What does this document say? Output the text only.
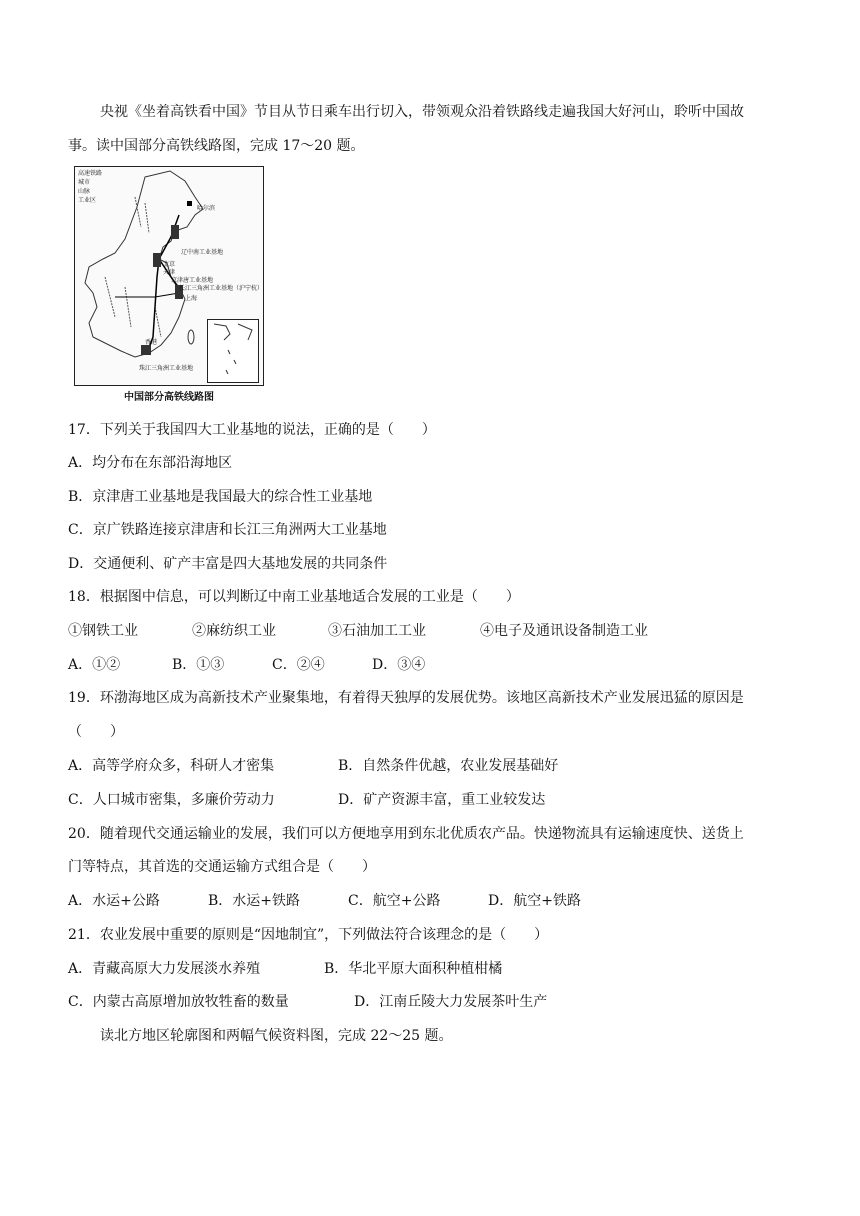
央视《坐着高铁看中国》节目从节日乘车出行切入，带领观众沿着铁路线走遍我国大好河山，聆听中国故
事。读中国部分高铁线路图，完成 17～20 题。
高速铁路
城市
山脉
工业区
哈尔滨
辽中南工业基地
北京
天津
京津唐工业基地
长江三角洲工业基地（沪宁杭）
上海
香港
珠江三角洲工业基地
中国部分高铁线路图
17．下列关于我国四大工业基地的说法，正确的是（　　）
A．均分布在东部沿海地区
B．京津唐工业基地是我国最大的综合性工业基地
C．京广铁路连接京津唐和长江三角洲两大工业基地
D．交通便利、矿产丰富是四大基地发展的共同条件
18．根据图中信息，可以判断辽中南工业基地适合发展的工业是（　　）
①钢铁工业	②麻纺织工业	③石油加工工业	④电子及通讯设备制造工业
A．①②	B．①③	C．②④	D．③④
19．环渤海地区成为高新技术产业聚集地，有着得天独厚的发展优势。该地区高新技术产业发展迅猛的原因是
（　　）
A．高等学府众多，科研人才密集	B．自然条件优越，农业发展基础好
C．人口城市密集，多廉价劳动力	D．矿产资源丰富，重工业较发达
20．随着现代交通运输业的发展，我们可以方便地享用到东北优质农产品。快递物流具有运输速度快、送货上
门等特点，其首选的交通运输方式组合是（　　）
A．水运+公路	B．水运+铁路	C．航空+公路	D．航空+铁路
21．农业发展中重要的原则是“因地制宜”，下列做法符合该理念的是（　　）
A．青藏高原大力发展淡水养殖	B．华北平原大面积种植柑橘
C．内蒙古高原增加放牧牲畜的数量	D．江南丘陵大力发展茶叶生产
读北方地区轮廓图和两幅气候资料图，完成 22～25 题。
